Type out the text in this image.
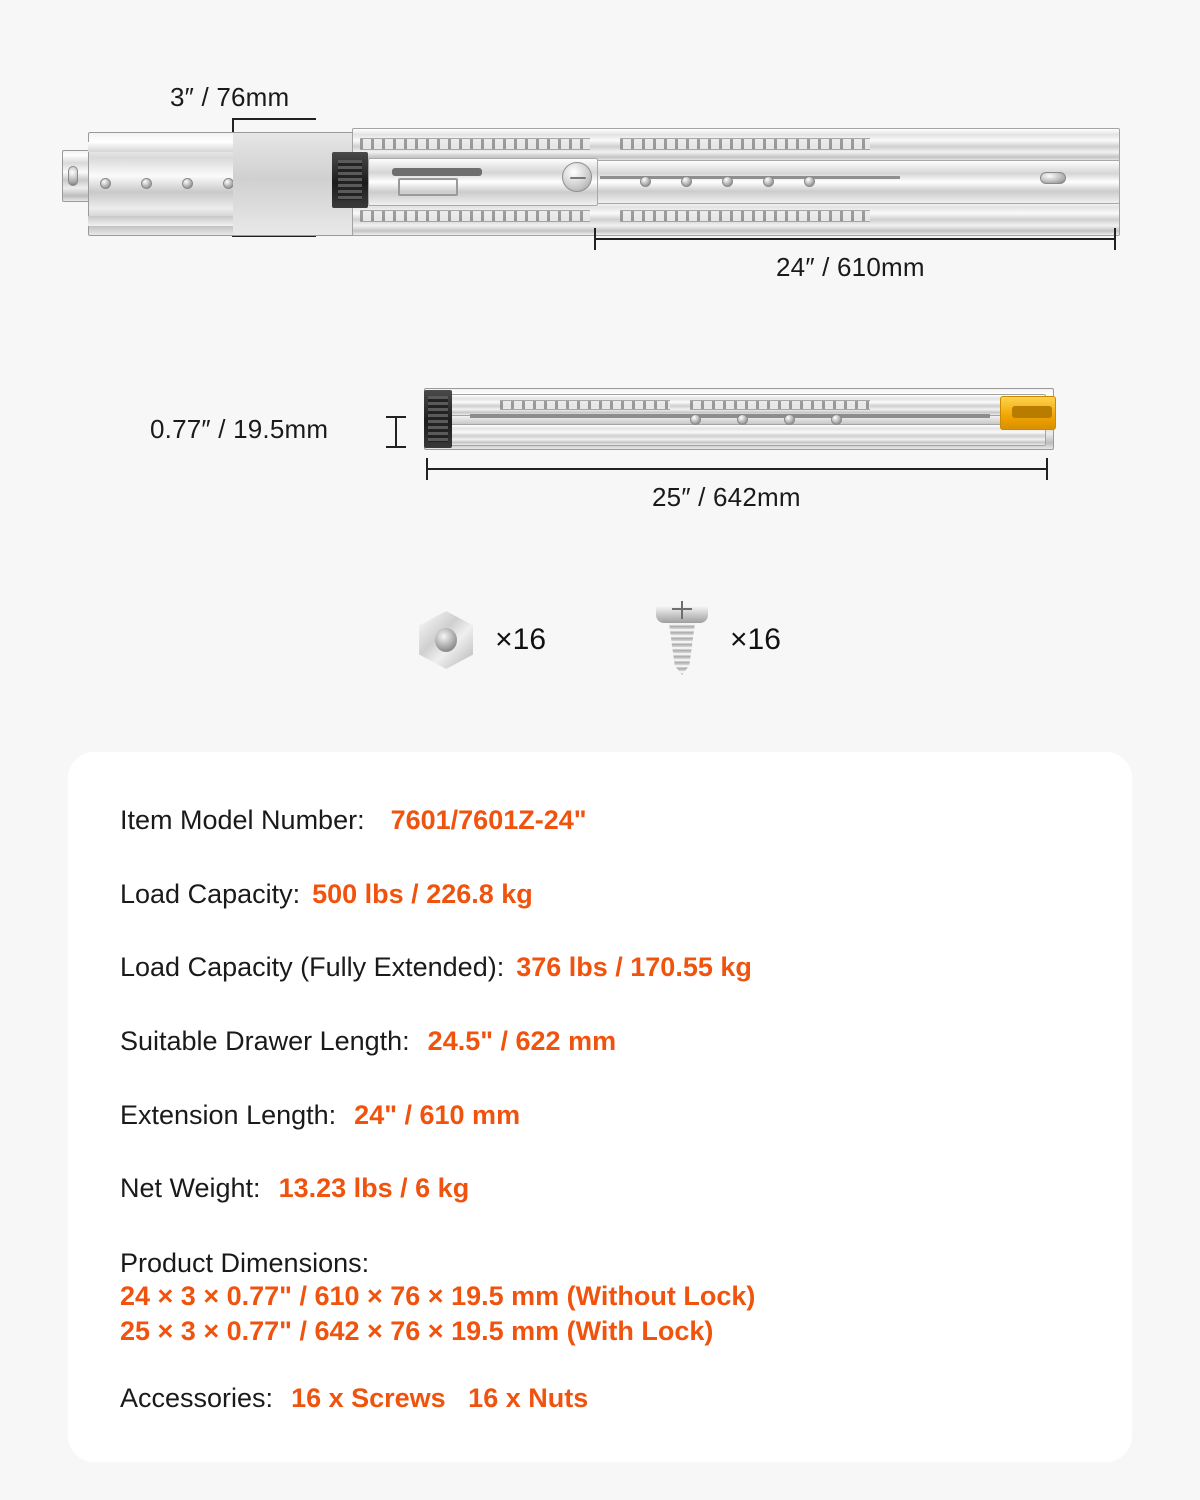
3″ / 76mm
24″ / 610mm
0.77″ / 19.5mm
25″ / 642mm
×16	×16
Item Model Number: 7601/7601Z-24"
Load Capacity: 500 lbs / 226.8 kg
Load Capacity (Fully Extended): 376 lbs / 170.55 kg
Suitable Drawer Length: 24.5" / 622 mm
Extension Length: 24" / 610 mm
Net Weight: 13.23 lbs / 6 kg
Product Dimensions:
24 × 3 × 0.77" / 610 × 76 × 19.5 mm (Without Lock)
25 × 3 × 0.77" / 642 × 76 × 19.5 mm (With Lock)
Accessories: 16 x Screws   16 x Nuts
